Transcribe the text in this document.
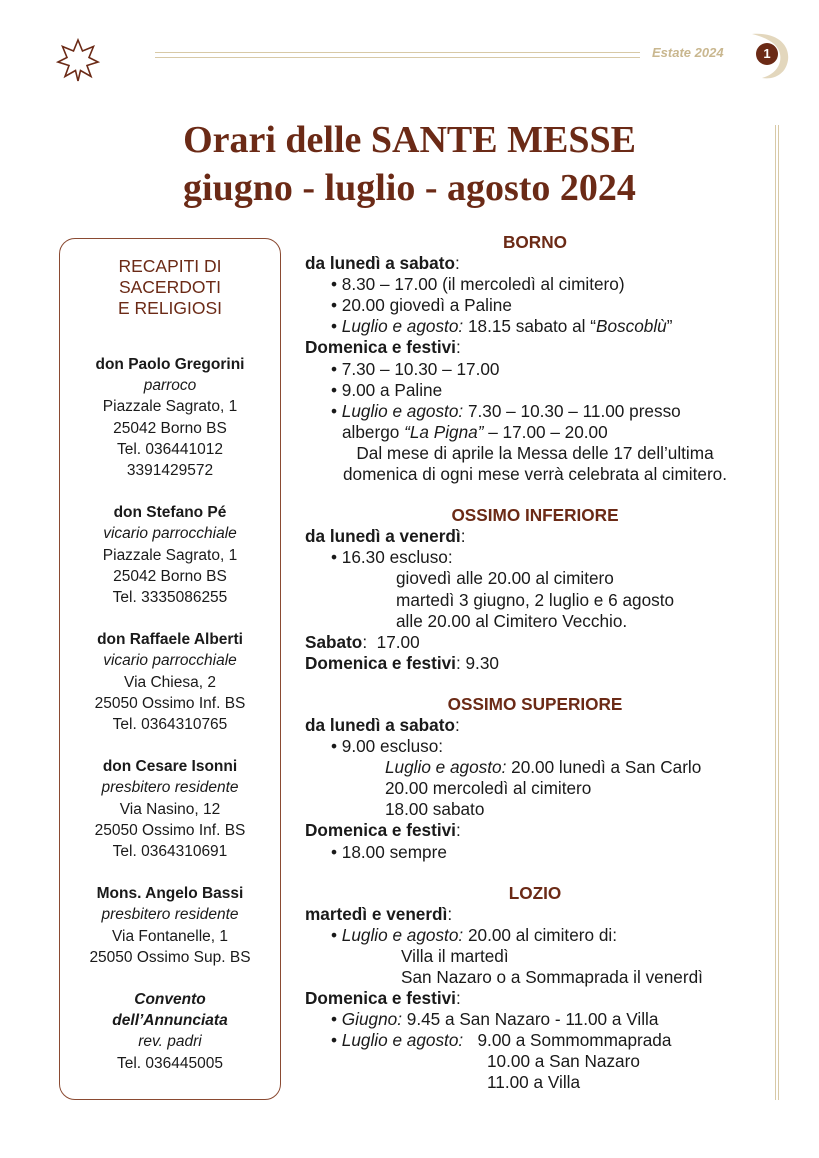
Estate 2024	1
Orari delle SANTE MESSE
giugno - luglio - agosto 2024
RECAPITI DI
SACERDOTI
E RELIGIOSI
don Paolo Gregorini
parroco
Piazzale Sagrato, 1
25042 Borno BS
Tel. 036441012
3391429572
don Stefano Pé
vicario parrocchiale
Piazzale Sagrato, 1
25042 Borno BS
Tel. 3335086255
don Raffaele Alberti
vicario parrocchiale
Via Chiesa, 2
25050 Ossimo Inf. BS
Tel. 0364310765
don Cesare Isonni
presbitero residente
Via Nasino, 12
25050 Ossimo Inf. BS
Tel. 0364310691
Mons. Angelo Bassi
presbitero residente
Via Fontanelle, 1
25050 Ossimo Sup. BS
Convento
dell’Annunciata
rev. padri
Tel. 036445005
BORNO
da lunedì a sabato:
• 8.30 – 17.00 (il mercoledì al cimitero)
• 20.00 giovedì a Paline
• Luglio e agosto: 18.15 sabato al “Boscoblù”
Domenica e festivi:
• 7.30 – 10.30 – 17.00
• 9.00 a Paline
• Luglio e agosto: 7.30 – 10.30 – 11.00 presso
albergo “La Pigna” – 17.00 – 20.00
Dal mese di aprile la Messa delle 17 dell’ultima
domenica di ogni mese verrà celebrata al cimitero.
OSSIMO INFERIORE
da lunedì a venerdì:
• 16.30 escluso:
giovedì alle 20.00 al cimitero
martedì 3 giugno, 2 luglio e 6 agosto
alle 20.00 al Cimitero Vecchio.
Sabato:  17.00
Domenica e festivi: 9.30
OSSIMO SUPERIORE
da lunedì a sabato:
• 9.00 escluso:
Luglio e agosto: 20.00 lunedì a San Carlo
20.00 mercoledì al cimitero
18.00 sabato
Domenica e festivi:
• 18.00 sempre
LOZIO
martedì e venerdì:
• Luglio e agosto: 20.00 al cimitero di:
Villa il martedì
San Nazaro o a Sommaprada il venerdì
Domenica e festivi:
• Giugno: 9.45 a San Nazaro - 11.00 a Villa
• Luglio e agosto:   9.00 a Sommommaprada
10.00 a San Nazaro
11.00 a Villa
